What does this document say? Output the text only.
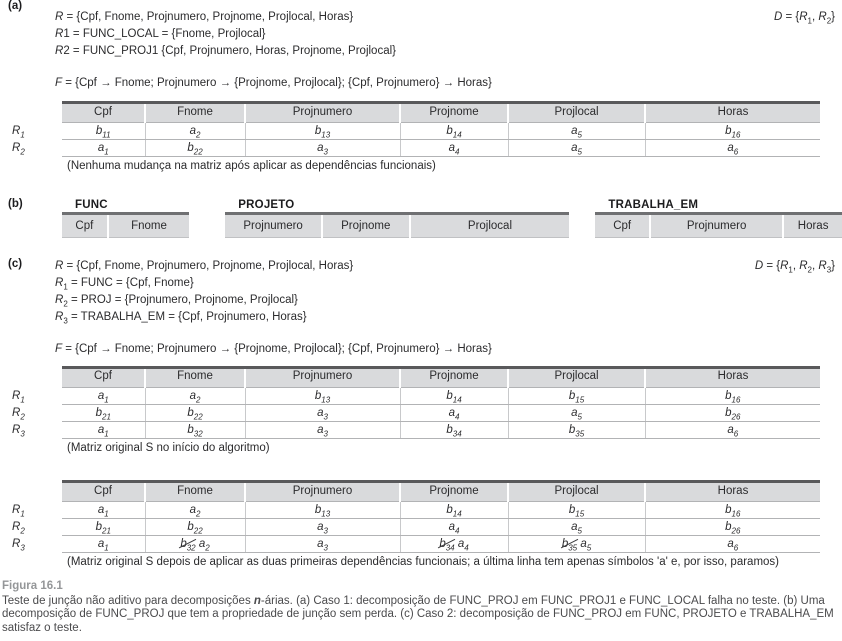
(a)
R = {Cpf, Fnome, Projnumero, Projnome, Projlocal, Horas}	$D = \{R_1$, $R_2$}
R1 = FUNC_LOCAL = {Fnome, Projlocal}
R2 = FUNC_PROJ1 {Cpf, Projnumero, Horas, Projnome, Projlocal}
F = {Cpf → Fnome; Projnumero → {Projnome, Projlocal}; {Cpf, Projnumero} → Horas}
	Cpf	Fnome	Projnumero	Projnome	Projlocal	Horas
$R_1$	$b_{11}$	$a_2$	$b_{13}$	$b_{14}$	$a_5$	$b_{16}$
$R_2$	$a_1$	$b_{22}$	$a_3$	$a_4$	$a_5$	$a_6$
(Nenhuma mudança na matriz após aplicar as dependências funcionais)
(b)	FUNC
Cpf	Fnome
PROJETO
Projnumero	Projnome	Projlocal
TRABALHA_EM
Cpf	Projnumero	Horas
(c)	R = {Cpf, Fnome, Projnumero, Projnome, Projlocal, Horas}	$D = \{R_1$, $R_2$, $R_3$}
$R_1$ = FUNC = {Cpf, Fnome}
$R_2$ = PROJ = {Projnumero, Projnome, Projlocal}
$R_3$ = TRABALHA_EM = {Cpf, Projnumero, Horas}
F = {Cpf → Fnome; Projnumero → {Projnome, Projlocal}; {Cpf, Projnumero} → Horas}
	Cpf	Fnome	Projnumero	Projnome	Projlocal	Horas
$R_1$	$a_1$	$a_2$	$b_{13}$	$b_{14}$	$b_{15}$	$b_{16}$
$R_2$	$b_{21}$	$b_{22}$	$a_3$	$a_4$	$a_5$	$b_{26}$
$R_3$	$a_1$	$b_{32}$	$a_3$	$b_{34}$	$b_{35}$	$a_6$
(Matriz original S no início do algoritmo)
	Cpf	Fnome	Projnumero	Projnome	Projlocal	Horas
$R_1$	$a_1$	$a_2$	$b_{13}$	$b_{14}$	$b_{15}$	$b_{16}$
$R_2$	$b_{21}$	$b_{22}$	$a_3$	$a_4$	$a_5$	$b_{26}$
$R_3$	$a_1$	$b_{32}$ $a_2$	$a_3$	$b_{34}$ $a_4$	$b_{35}$ $a_5$	$a_6$
(Matriz original S depois de aplicar as duas primeiras dependências funcionais; a última linha tem apenas símbolos 'a' e, por isso, paramos)
Figura 16.1
Teste de junção não aditivo para decomposições n-árias. (a) Caso 1: decomposição de FUNC_PROJ em FUNC_PROJ1 e FUNC_LOCAL falha no teste. (b) Uma decomposição de FUNC_PROJ que tem a propriedade de junção sem perda. (c) Caso 2: decomposição de FUNC_PROJ em FUNC, PROJETO e TRABALHA_EM satisfaz o teste.
